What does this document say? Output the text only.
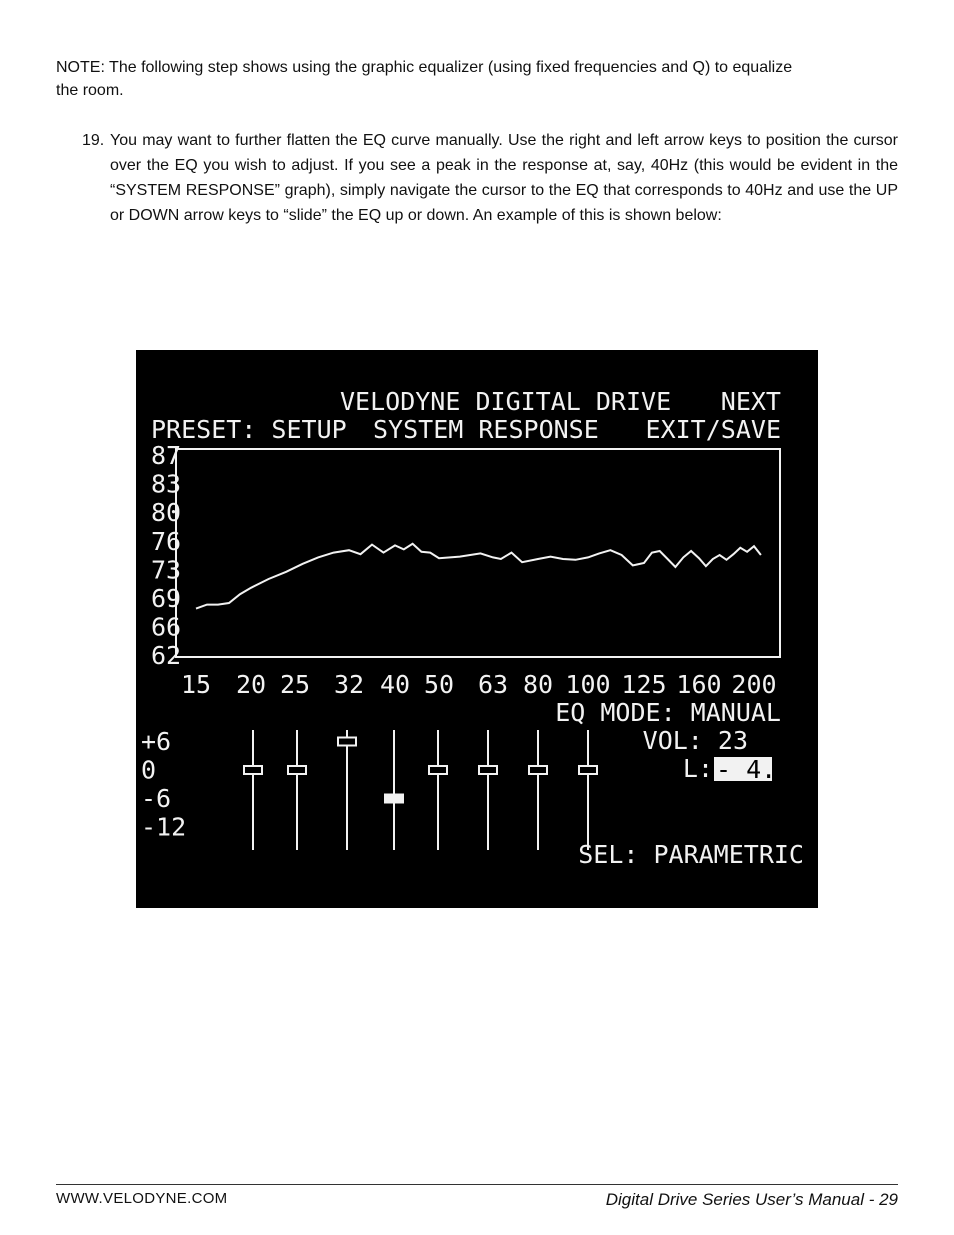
NOTE: The following step shows using the graphic equalizer (using fixed frequencies and Q) to equalize the room.
19. You may want to further flatten the EQ curve manually. Use the right and left arrow keys to position the cursor over the EQ you wish to adjust. If you see a peak in the response at, say, 40Hz (this would be evident in the “SYSTEM RESPONSE” graph), simply navigate the cursor to the EQ that corresponds to 40Hz and use the UP or DOWN arrow keys to “slide” the EQ up or down. An example of this is shown below:
VELODYNE DIGITAL DRIVE
SYSTEM RESPONSE
PRESET: SETUP
NEXT
EXIT/SAVE
87
83
80
76
73
69
66
62
15 20 25 32 40 50 63 80 100 125 160 200
EQ MODE: MANUAL
VOL: 23
L: - 4.5
SEL: PARAMETRIC
+6
0
-6
-12
WWW.VELODYNE.COM	Digital Drive Series User’s Manual - 29
